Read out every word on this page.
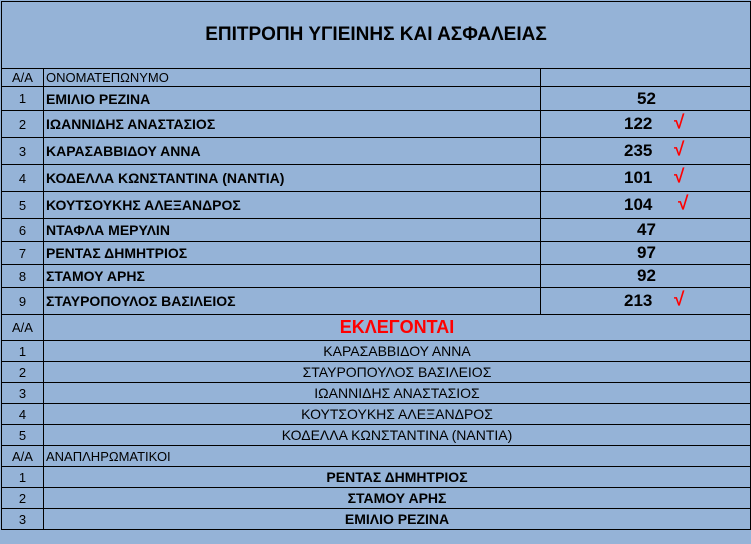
ΕΠΙΤΡΟΠΗ ΥΓΙΕΙΝΗΣ ΚΑΙ ΑΣΦΑΛΕΙΑΣ		
Α/Α	ΟΝΟΜΑΤΕΠΩΝΥΜΟ	
1	ΕΜΙΛΙΟ ΡΕΖΙΝΑ	52

2	ΙΩΑΝΝΙΔΗΣ ΑΝΑΣΤΑΣΙΟΣ	122 √

3	ΚΑΡΑΣΑΒΒΙΔΟΥ ΑΝΝΑ	235 √

4	ΚΟΔΕΛΛΑ ΚΩΝΣΤΑΝΤΙΝΑ (ΝΑΝΤΙΑ)	101 √

5	ΚΟΥΤΣΟΥΚΗΣ ΑΛΕΞΑΝΔΡΟΣ	104 √

6	ΝΤΑΦΛΑ ΜΕΡΥΛΙΝ	47

7	ΡΕΝΤΑΣ ΔΗΜΗΤΡΙΟΣ	97

8	ΣΤΑΜΟΥ ΑΡΗΣ	92

9	ΣΤΑΥΡΟΠΟΥΛΟΣ ΒΑΣΙΛΕΙΟΣ	213 √

Α/Α	ΕΚΛΕΓΟΝΤΑΙ	
1	ΚΑΡΑΣΑΒΒΙΔΟΥ ΑΝΝΑ	
2	ΣΤΑΥΡΟΠΟΥΛΟΣ ΒΑΣΙΛΕΙΟΣ	
3	ΙΩΑΝΝΙΔΗΣ ΑΝΑΣΤΑΣΙΟΣ	
4	ΚΟΥΤΣΟΥΚΗΣ ΑΛΕΞΑΝΔΡΟΣ	
5	ΚΟΔΕΛΛΑ ΚΩΝΣΤΑΝΤΙΝΑ (ΝΑΝΤΙΑ)	
Α/Α	ΑΝΑΠΛΗΡΩΜΑΤΙΚΟΙ	
1	ΡΕΝΤΑΣ ΔΗΜΗΤΡΙΟΣ	
2	ΣΤΑΜΟΥ ΑΡΗΣ	
3	ΕΜΙΛΙΟ ΡΕΖΙΝΑ	
